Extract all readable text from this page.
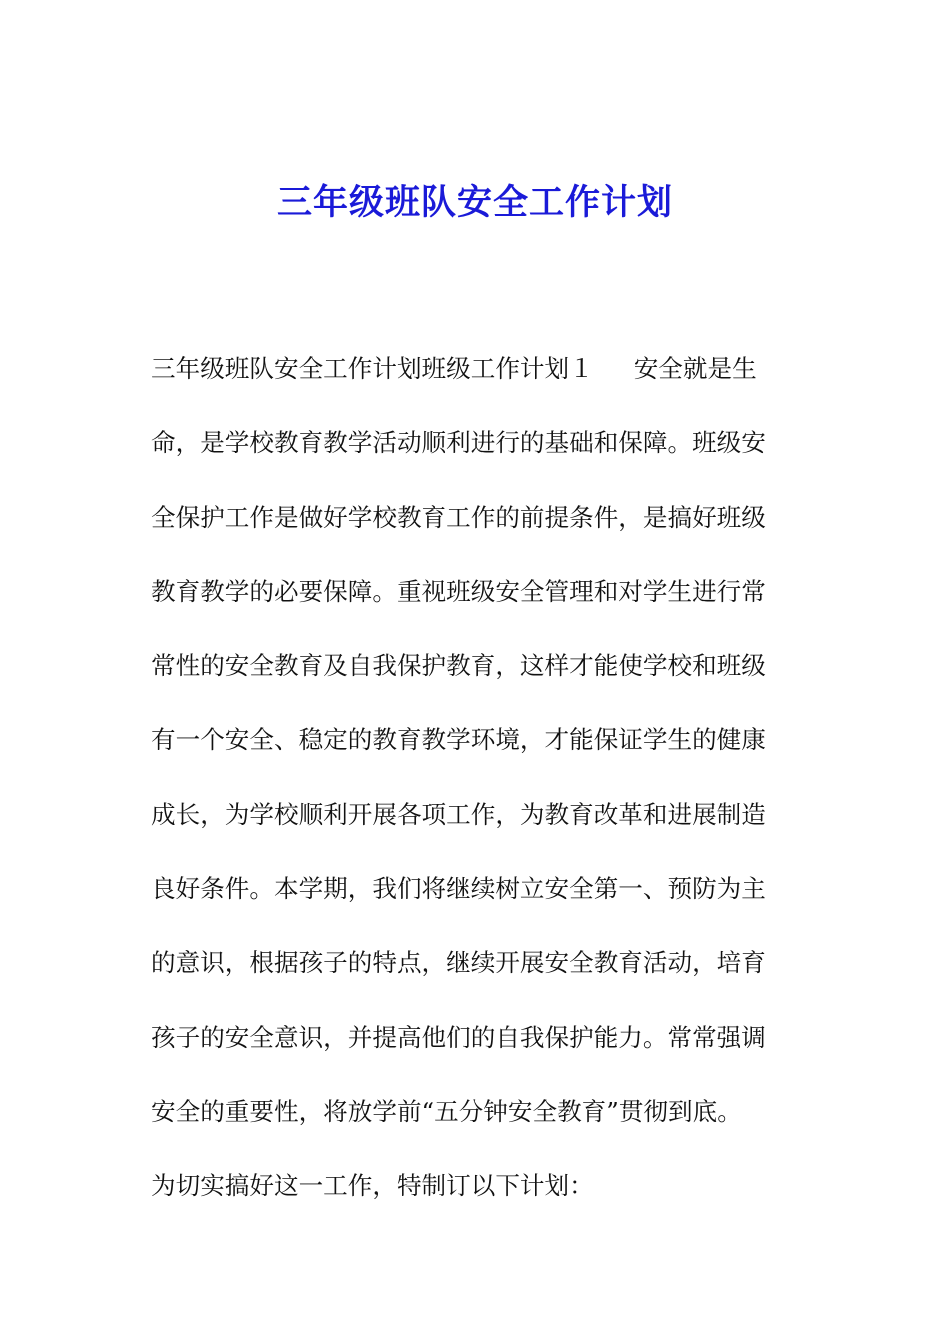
三年级班队安全工作计划
三年级班队安全工作计划班级工作计划１ 安全就是生
命，是学校教育教学活动顺利进行的基础和保障。班级安
全保护工作是做好学校教育工作的前提条件，是搞好班级
教育教学的必要保障。重视班级安全管理和对学生进行常
常性的安全教育及自我保护教育，这样才能使学校和班级
有一个安全、稳定的教育教学环境，才能保证学生的健康
成长，为学校顺利开展各项工作，为教育改革和进展制造
良好条件。本学期，我们将继续树立安全第一、预防为主
的意识，根据孩子的特点，继续开展安全教育活动，培育
孩子的安全意识，并提高他们的自我保护能力。常常强调
安全的重要性，将放学前“五分钟安全教育”贯彻到底。
为切实搞好这一工作，特制订以下计划：
